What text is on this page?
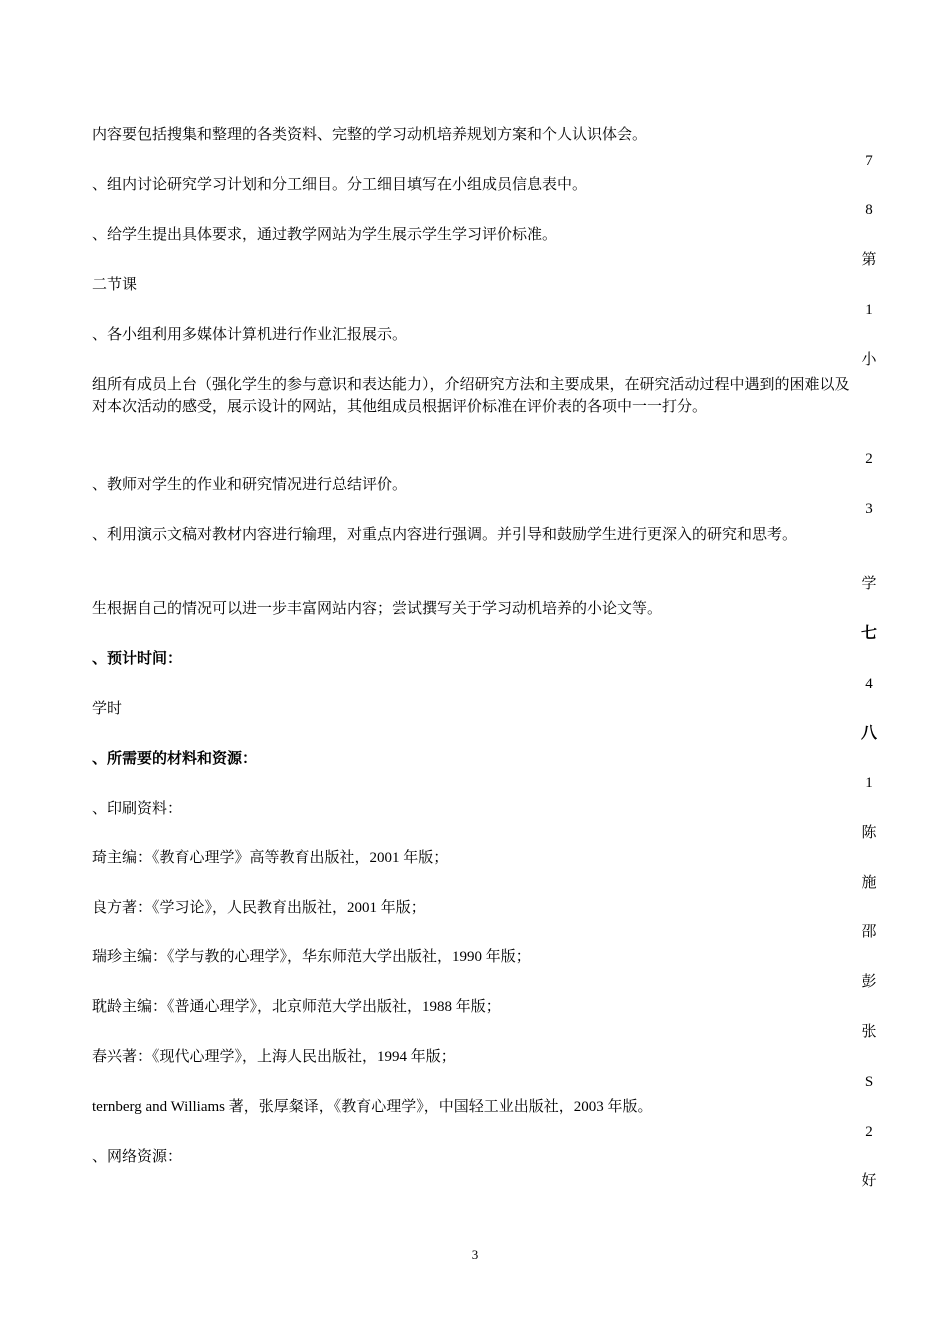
内容要包括搜集和整理的各类资料、完整的学习动机培养规划方案和个人认识体会。
、组内讨论研究学习计划和分工细目。分工细目填写在小组成员信息表中。
、给学生提出具体要求，通过教学网站为学生展示学生学习评价标准。
二节课
、各小组利用多媒体计算机进行作业汇报展示。
组所有成员上台（强化学生的参与意识和表达能力），介绍研究方法和主要成果，在研究活动过程中遇到的困难以及对本次活动的感受，展示设计的网站，其他组成员根据评价标准在评价表的各项中一一打分。
、教师对学生的作业和研究情况进行总结评价。
、利用演示文稿对教材内容进行输理，对重点内容进行强调。并引导和鼓励学生进行更深入的研究和思考。
生根据自己的情况可以进一步丰富网站内容；尝试撰写关于学习动机培养的小论文等。
、预计时间：
学时
、所需要的材料和资源：
、印刷资料：
琦主编：《教育心理学》高等教育出版社，2001 年版；
良方著：《学习论》，人民教育出版社，2001 年版；
瑞珍主编：《学与教的心理学》，华东师范大学出版社，1990 年版；
耽龄主编：《普通心理学》，北京师范大学出版社，1988 年版；
春兴著：《现代心理学》，上海人民出版社，1994 年版；
ternberg and Williams 著，张厚粲译，《教育心理学》，中国轻工业出版社，2003 年版。
、网络资源：
7
8
第
1
小
2
3
学
七
4
八
1
陈
施
邵
彭
张
S
2
好
3
